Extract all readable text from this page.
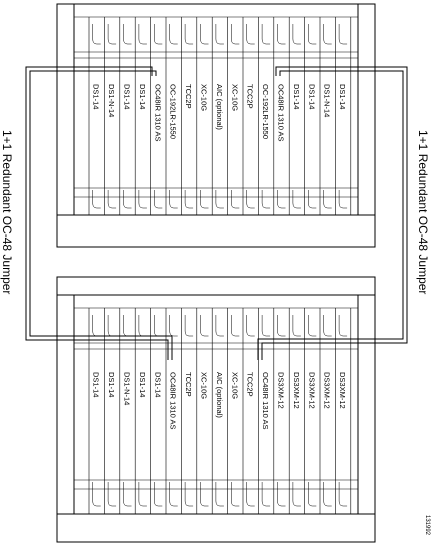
DS1-14 DS1-N-14 DS1-14 DS1-14 OC48IR 1310 AS OC-192LR-1550 TCC2P XC-10G AIC (optional) XC-10G TCC2P OC-192LR-1550 OC48IR 1310 AS DS1-14 DS1-14 DS1-N-14 DS1-14
DS1-14 DS1-14 DS1-N-14 DS1-14 DS1-14 OC48IR 1310 AS TCC2P XC-10G AIC (optional) XC-10G TCC2P OC48IR 1310 AS DS3XM-12 DS3XM-12 DS3XM-12 DS3XM-12 DS3XM-12
1+1 Redundant OC-48 Jumper	1+1 Redundant OC-48 Jumper
131992
